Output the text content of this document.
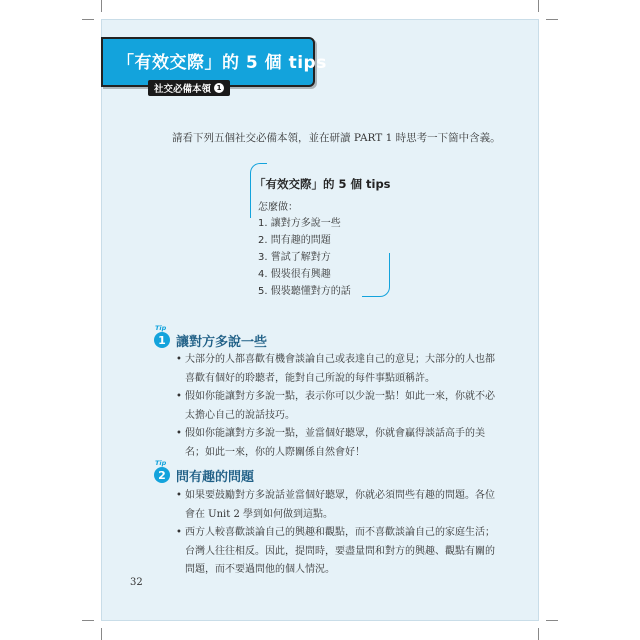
「有效交際」的 5 個 tips
社交必備本領 1
請看下列五個社交必備本領，並在研讀 PART 1 時思考一下箇中含義。
「有效交際」的 5 個 tips
怎麼做：
1. 讓對方多說一些
2. 問有趣的問題
3. 嘗試了解對方
4. 假裝很有興趣
5. 假裝聽懂對方的話
Tip
1 讓對方多說一些
• 大部分的人都喜歡有機會談論自己或表達自己的意見；大部分的人也都喜歡有個好的聆聽者，能對自己所說的每件事點頭稱許。
• 假如你能讓對方多說一點，表示你可以少說一點！如此一來，你就不必太擔心自己的說話技巧。
• 假如你能讓對方多說一點，並當個好聽眾，你就會贏得談話高手的美名；如此一來，你的人際關係自然會好！
Tip
2 問有趣的問題
• 如果要鼓勵對方多說話並當個好聽眾，你就必須問些有趣的問題。各位會在 Unit 2 學到如何做到這點。
• 西方人較喜歡談論自己的興趣和觀點，而不喜歡談論自己的家庭生活；台灣人往往相反。因此，提問時，要盡量問和對方的興趣、觀點有關的問題，而不要過問他的個人情況。
32
